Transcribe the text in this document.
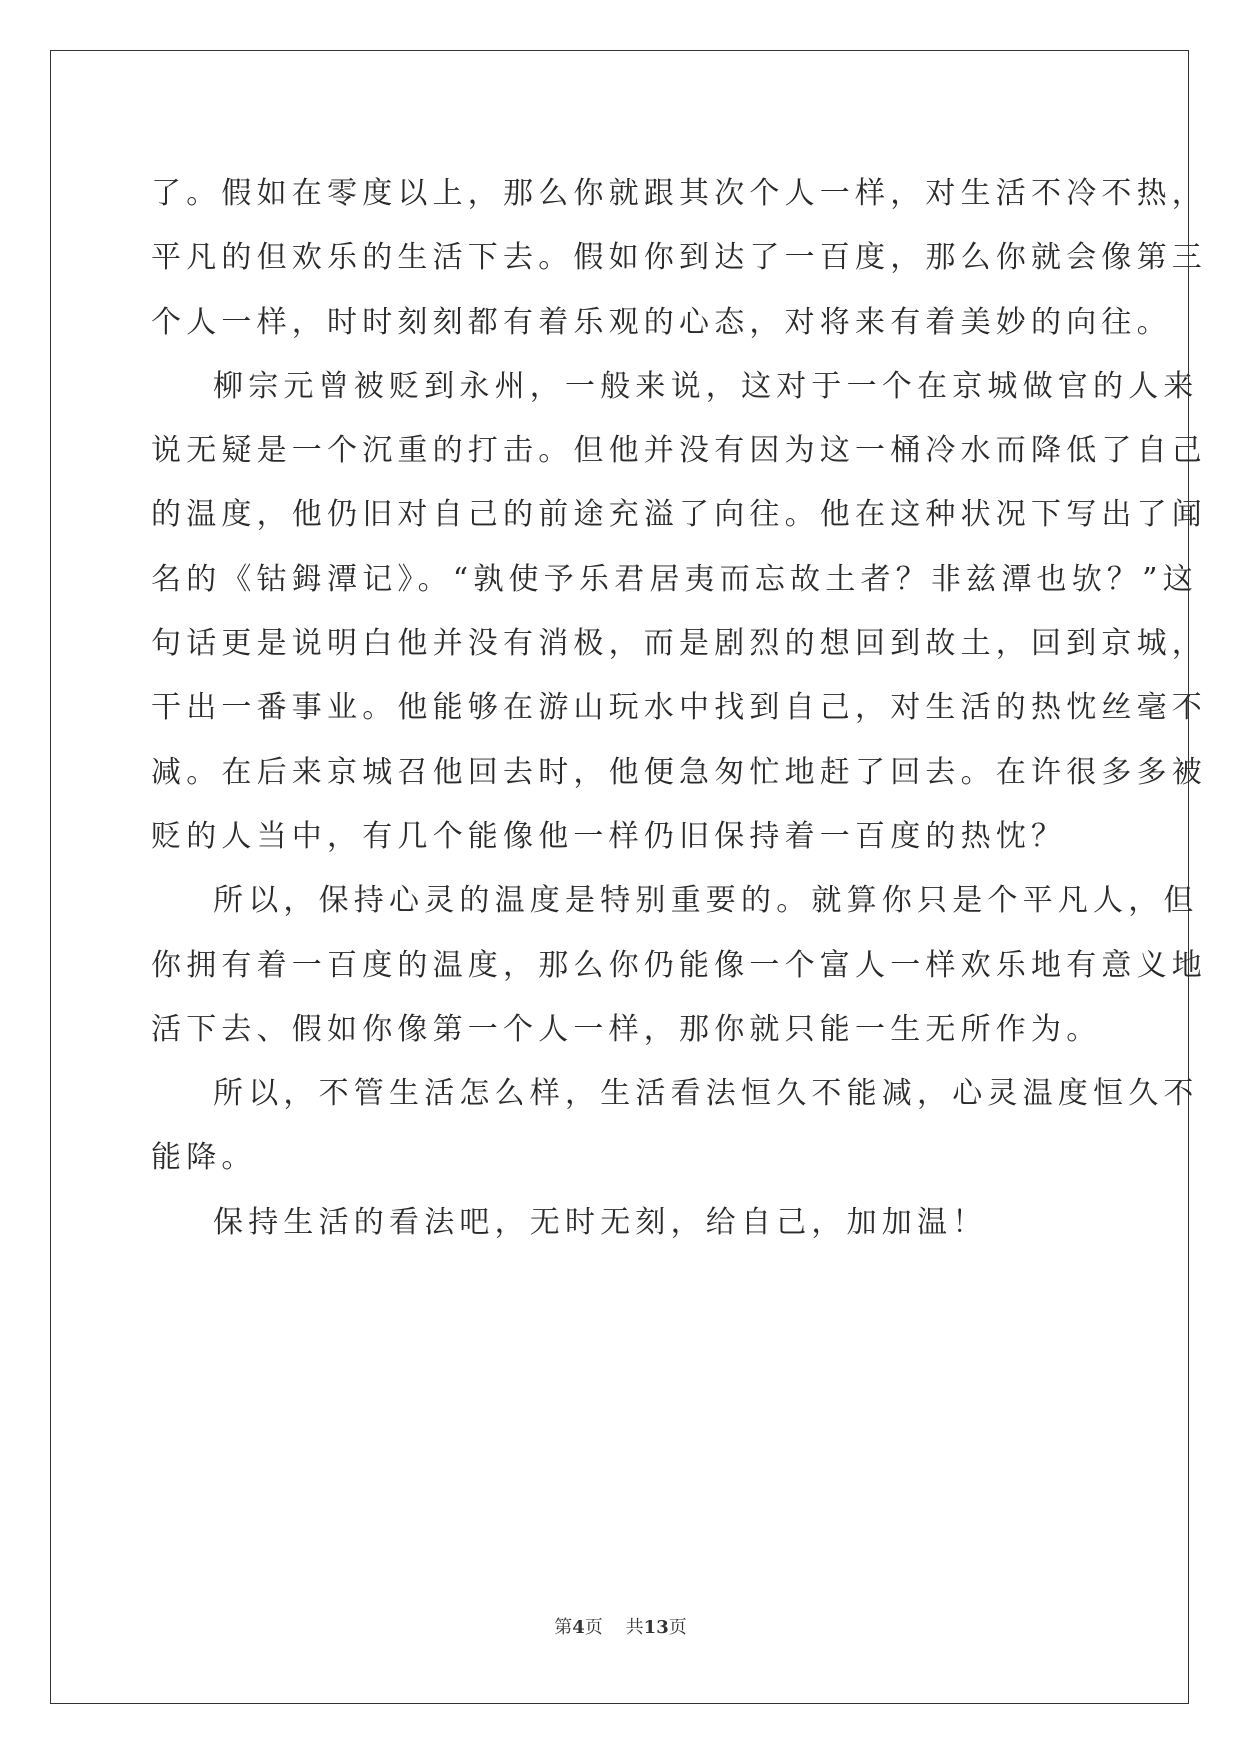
了。假如在零度以上，那么你就跟其次个人一样，对生活不冷不热，
平凡的但欢乐的生活下去。假如你到达了一百度，那么你就会像第三
个人一样，时时刻刻都有着乐观的心态，对将来有着美妙的向往。
柳宗元曾被贬到永州，一般来说，这对于一个在京城做官的人来
说无疑是一个沉重的打击。但他并没有因为这一桶冷水而降低了自己
的温度，他仍旧对自己的前途充溢了向往。他在这种状况下写出了闻
名的《钴鉧潭记》。“孰使予乐君居夷而忘故土者？非兹潭也欤？”这
句话更是说明白他并没有消极，而是剧烈的想回到故土，回到京城，
干出一番事业。他能够在游山玩水中找到自己，对生活的热忱丝毫不
减。在后来京城召他回去时，他便急匆忙地赶了回去。在许很多多被
贬的人当中，有几个能像他一样仍旧保持着一百度的热忱？
所以，保持心灵的温度是特别重要的。就算你只是个平凡人，但
你拥有着一百度的温度，那么你仍能像一个富人一样欢乐地有意义地
活下去、假如你像第一个人一样，那你就只能一生无所作为。
所以，不管生活怎么样，生活看法恒久不能减，心灵温度恒久不
能降。
保持生活的看法吧，无时无刻，给自己，加加温！
第4页    共13页
